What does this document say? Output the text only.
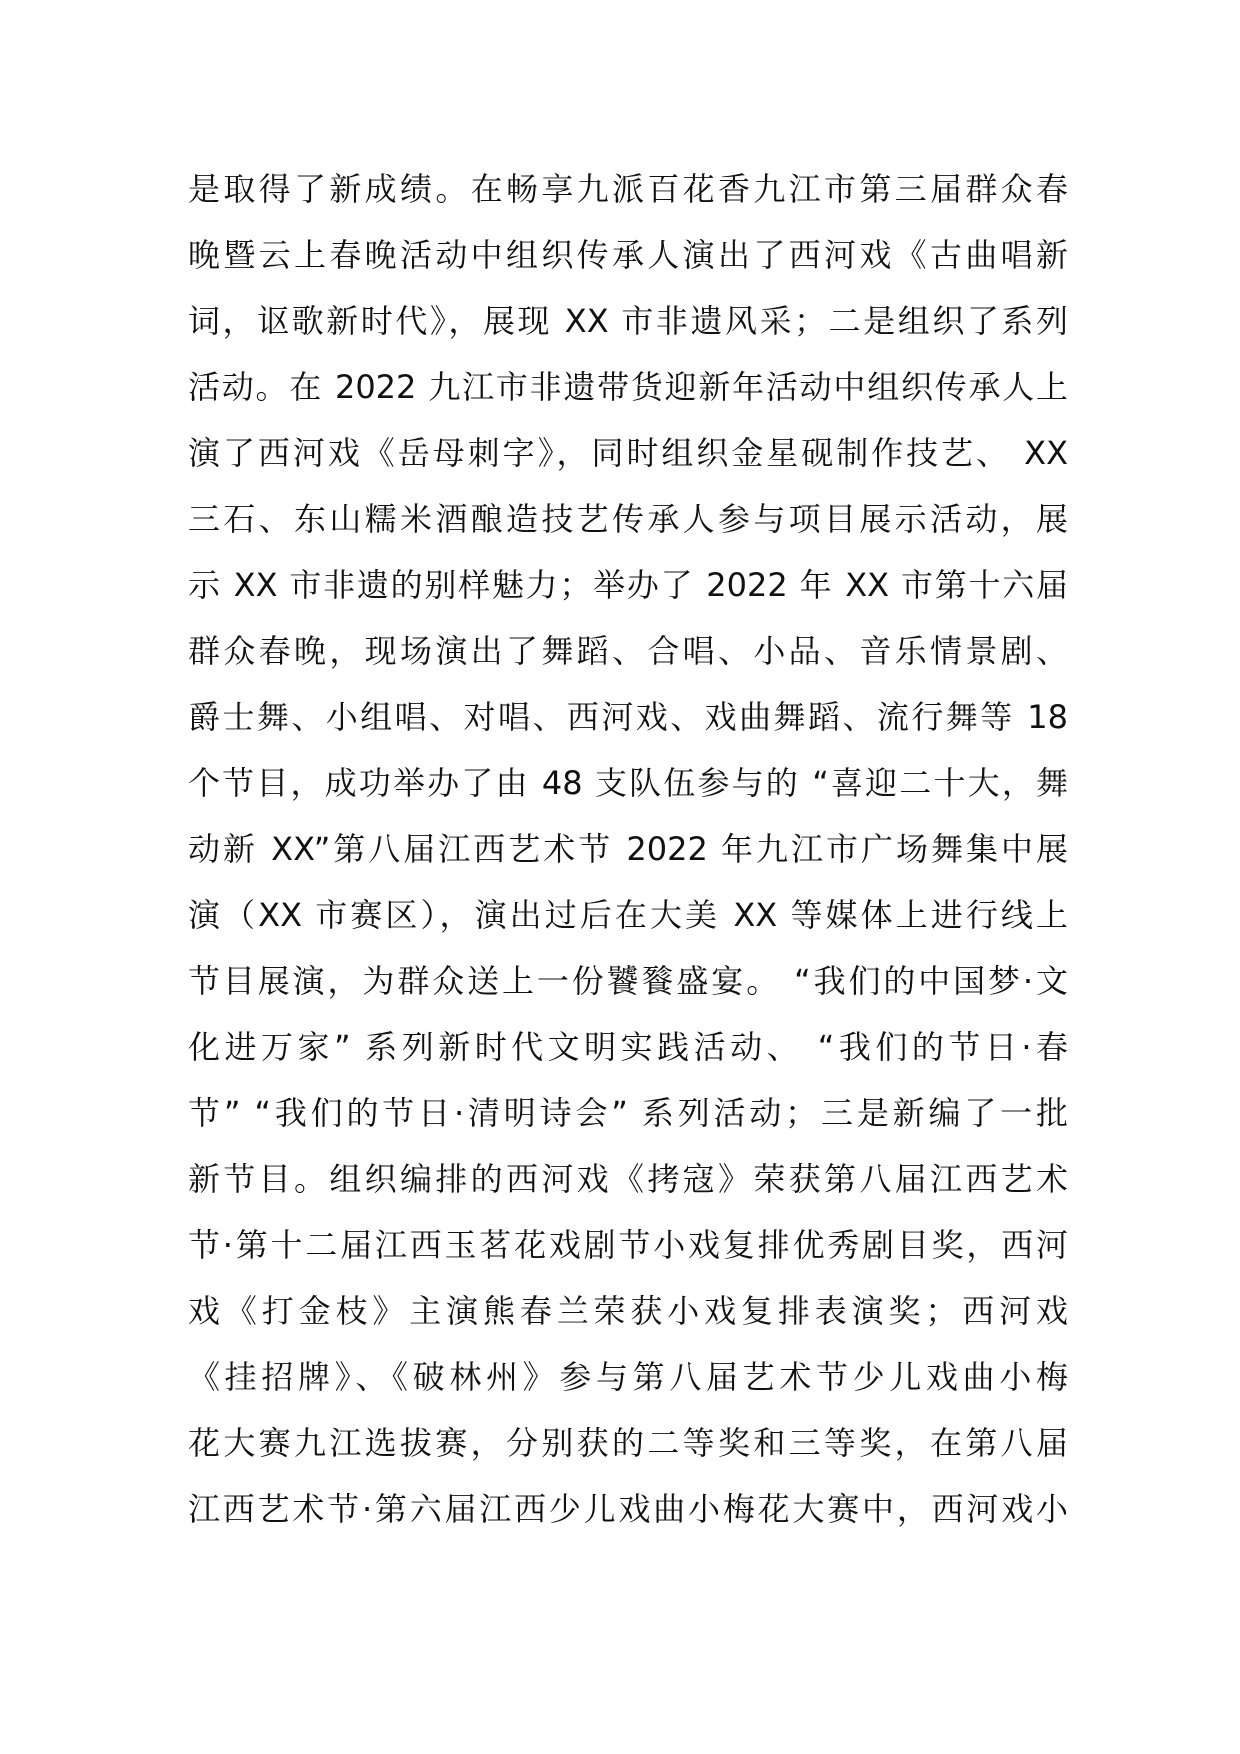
是取得了新成绩。在畅享九派百花香九江市第三届群众春
晚暨云上春晚活动中组织传承人演出了西河戏《古曲唱新
词，讴歌新时代》，展现 XX 市非遗风采；二是组织了系列
活动。在 2022 九江市非遗带货迎新年活动中组织传承人上
演了西河戏《岳母刺字》，同时组织金星砚制作技艺、 XX
三石、东山糯米酒酿造技艺传承人参与项目展示活动，展
示 XX 市非遗的别样魅力；举办了 2022 年 XX 市第十六届
群众春晚，现场演出了舞蹈、合唱、小品、音乐情景剧、
爵士舞、小组唱、对唱、西河戏、戏曲舞蹈、流行舞等 18
个节目，成功举办了由 48 支队伍参与的 “喜迎二十大，舞
动新 XX”第八届江西艺术节 2022 年九江市广场舞集中展
演（XX 市赛区），演出过后在大美 XX 等媒体上进行线上
节目展演，为群众送上一份饕餮盛宴。 “我们的中国梦·文
化进万家” 系列新时代文明实践活动、 “我们的节日·春
节” “我们的节日·清明诗会” 系列活动；三是新编了一批
新节目。组织编排的西河戏《拷寇》荣获第八届江西艺术
节·第十二届江西玉茗花戏剧节小戏复排优秀剧目奖，西河
戏《打金枝》主演熊春兰荣获小戏复排表演奖；西河戏
《挂招牌》、《破林州》参与第八届艺术节少儿戏曲小梅
花大赛九江选拔赛，分别获的二等奖和三等奖，在第八届
江西艺术节·第六届江西少儿戏曲小梅花大赛中，西河戏小
